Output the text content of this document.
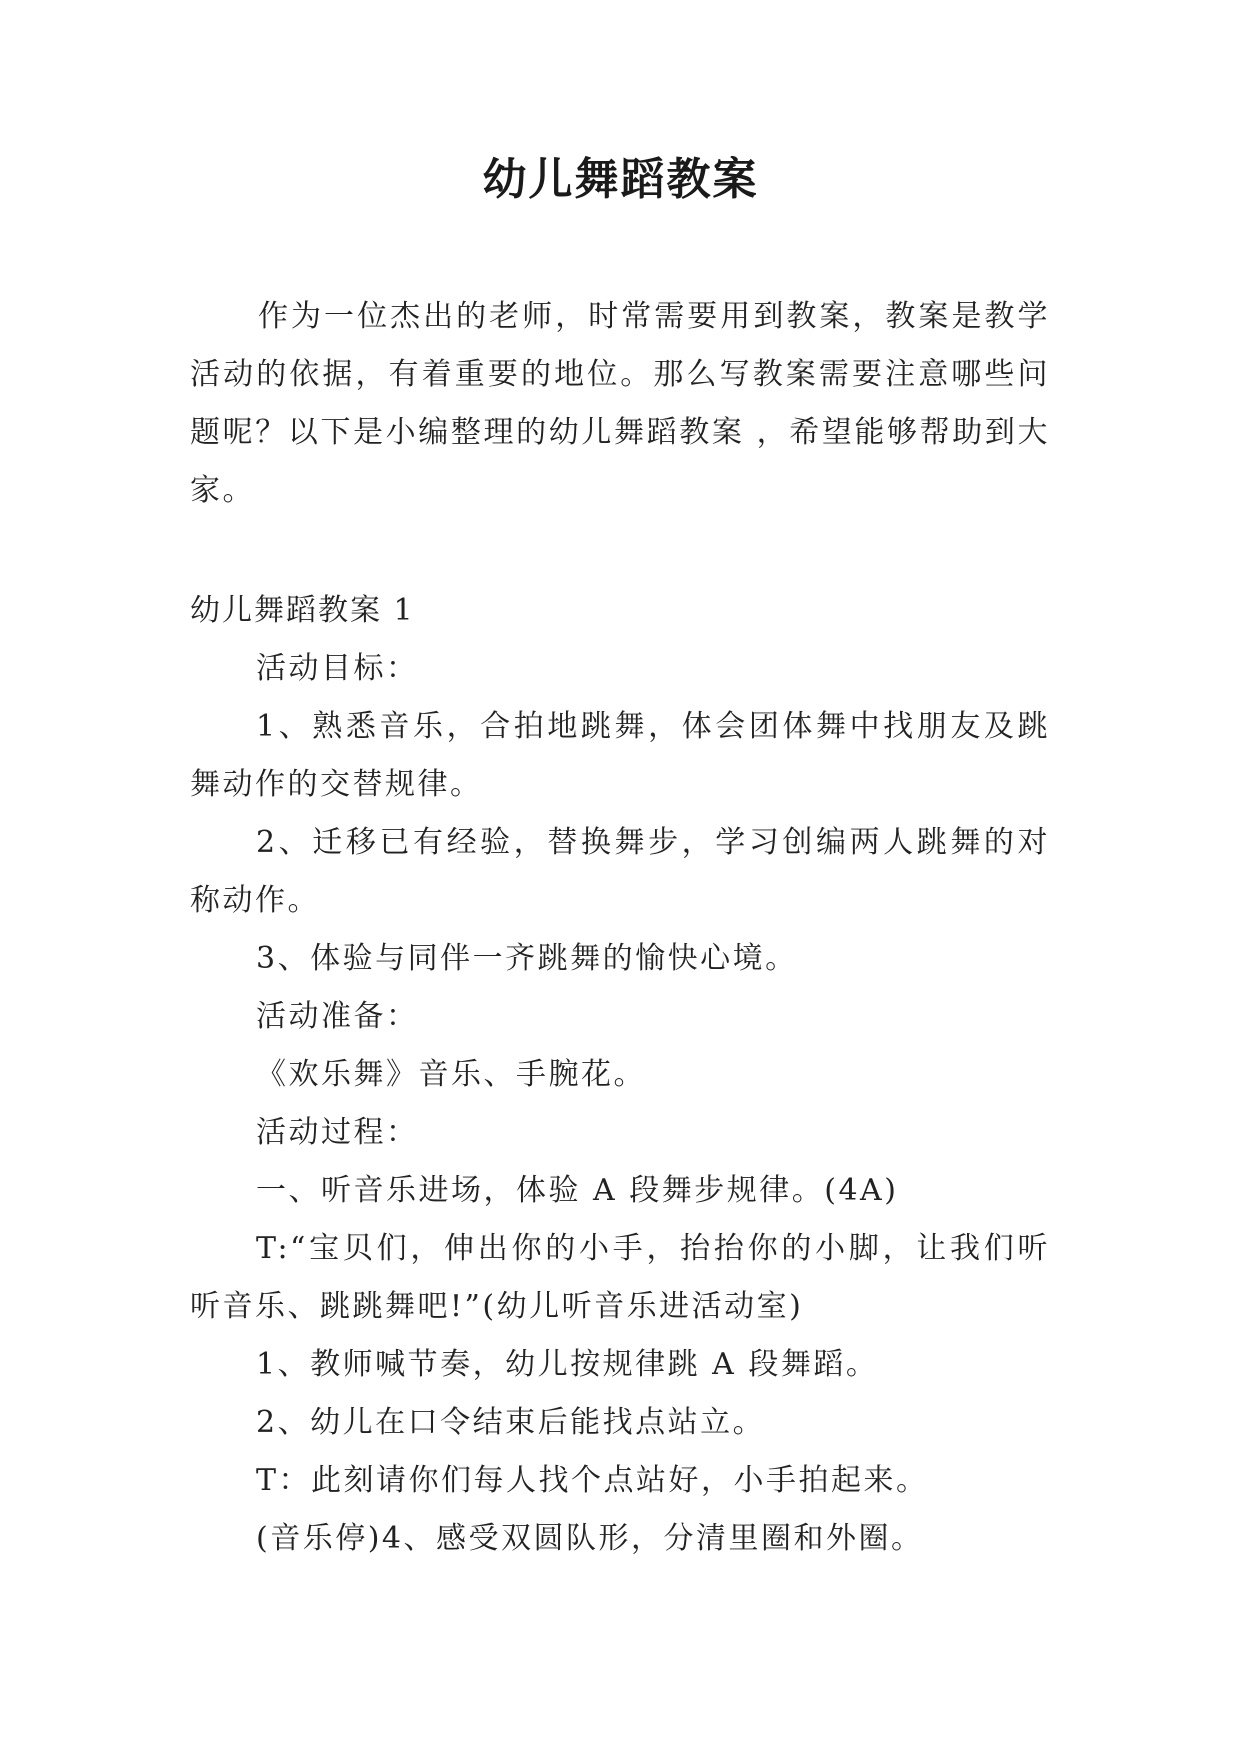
幼儿舞蹈教案

作为一位杰出的老师，时常需要用到教案，教案是教学活动的依据，有着重要的地位。那么写教案需要注意哪些问题呢？以下是小编整理的幼儿舞蹈教案 ，希望能够帮助到大家。

幼儿舞蹈教案 1

活动目标：

1、熟悉音乐，合拍地跳舞，体会团体舞中找朋友及跳舞动作的交替规律。

2、迁移已有经验，替换舞步，学习创编两人跳舞的对称动作。

3、体验与同伴一齐跳舞的愉快心境。

活动准备：

《欢乐舞》音乐、手腕花。

活动过程：

一、听音乐进场，体验 A 段舞步规律。(4A)

T:“宝贝们，伸出你的小手，抬抬你的小脚，让我们听听音乐、跳跳舞吧!”(幼儿听音乐进活动室)

1、教师喊节奏，幼儿按规律跳 A 段舞蹈。

2、幼儿在口令结束后能找点站立。

T：此刻请你们每人找个点站好，小手拍起来。

(音乐停)4、感受双圆队形，分清里圈和外圈。
